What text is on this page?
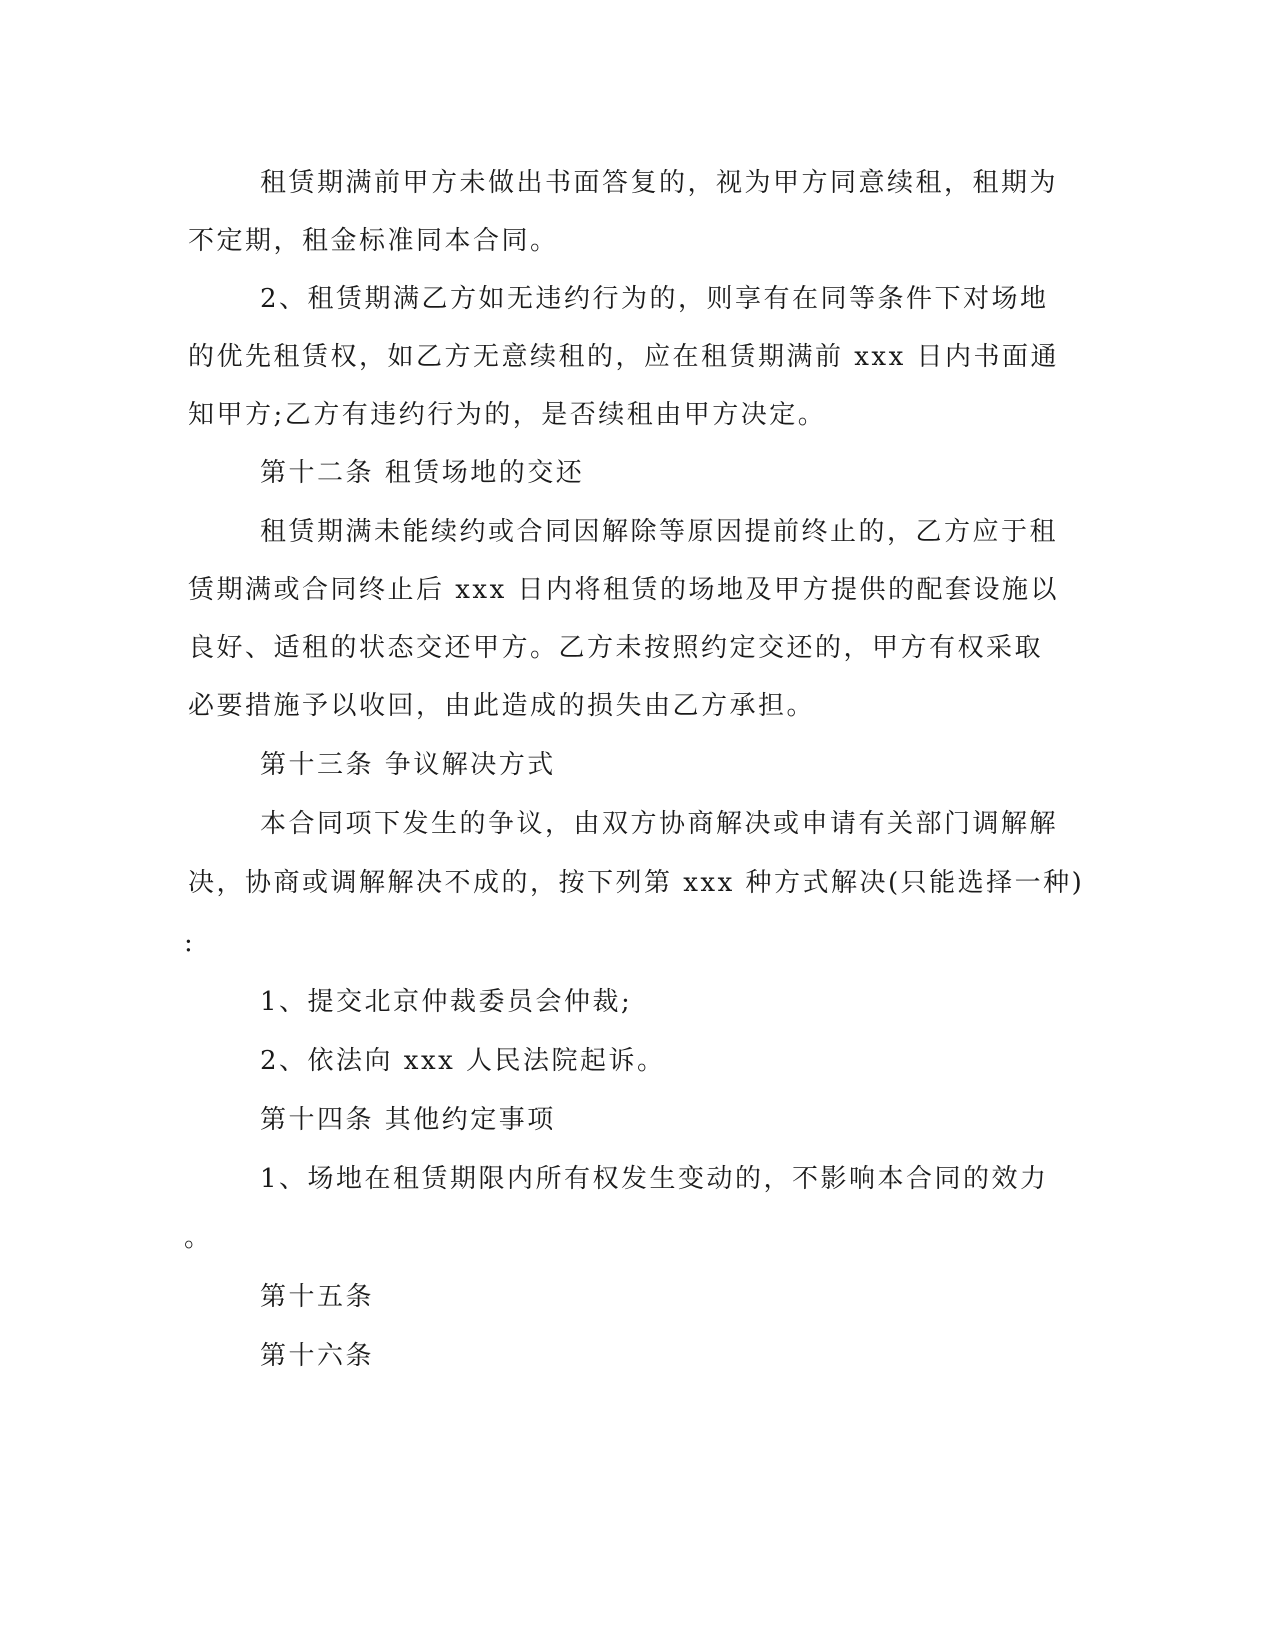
租赁期满前甲方未做出书面答复的，视为甲方同意续租，租期为
不定期，租金标准同本合同。
2、租赁期满乙方如无违约行为的，则享有在同等条件下对场地
的优先租赁权，如乙方无意续租的，应在租赁期满前 xxx 日内书面通
知甲方;乙方有违约行为的，是否续租由甲方决定。
第十二条 租赁场地的交还
租赁期满未能续约或合同因解除等原因提前终止的，乙方应于租
赁期满或合同终止后 xxx 日内将租赁的场地及甲方提供的配套设施以
良好、适租的状态交还甲方。乙方未按照约定交还的，甲方有权采取
必要措施予以收回，由此造成的损失由乙方承担。
第十三条 争议解决方式
本合同项下发生的争议，由双方协商解决或申请有关部门调解解
决，协商或调解解决不成的，按下列第 xxx 种方式解决(只能选择一种)
:
1、提交北京仲裁委员会仲裁;
2、依法向 xxx 人民法院起诉。
第十四条 其他约定事项
1、场地在租赁期限内所有权发生变动的，不影响本合同的效力
。
第十五条
第十六条
